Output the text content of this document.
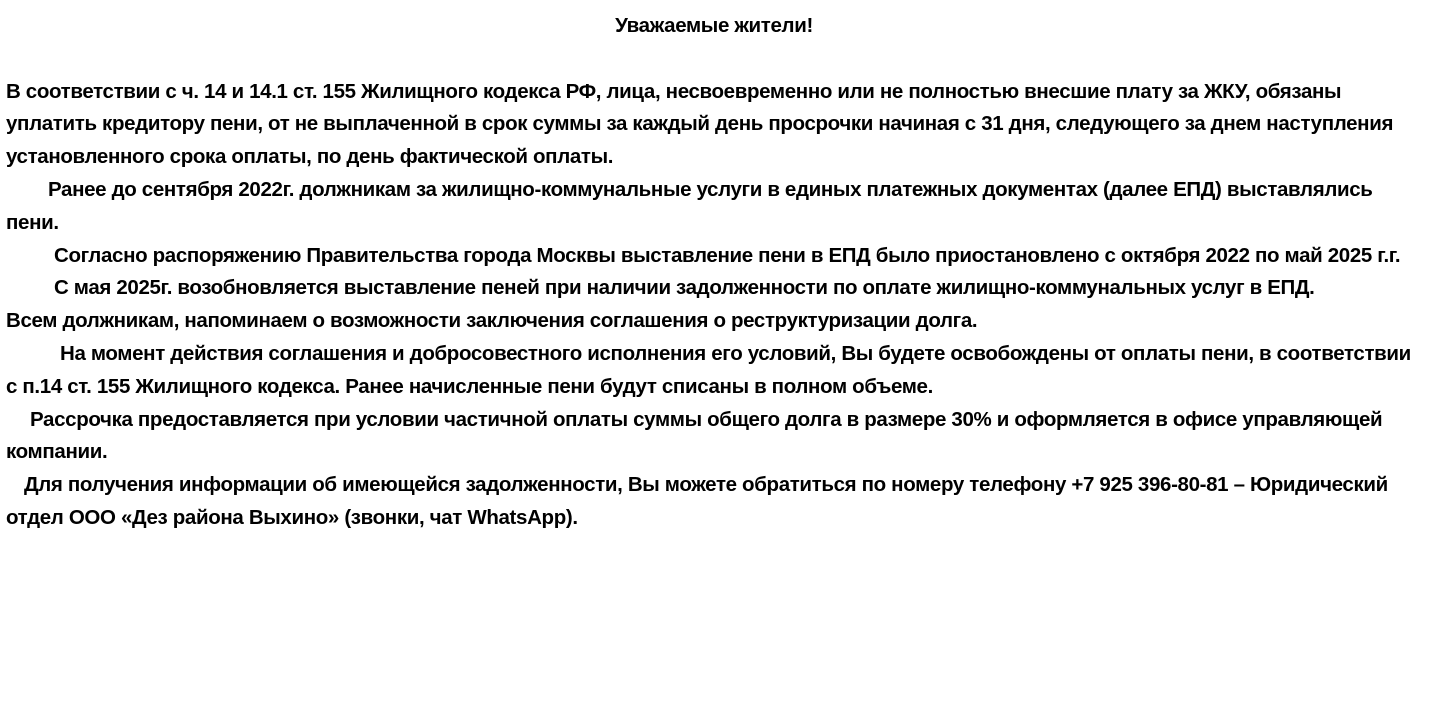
Уважаемые жители!

В соответствии с ч. 14 и 14.1 ст. 155 Жилищного кодекса РФ, лица, несвоевременно или не полностью внесшие плату за ЖКУ, обязаны уплатить кредитору пени, от не выплаченной в срок суммы за каждый день просрочки начиная с 31 дня, следующего за днем наступления установленного срока оплаты, по день фактической оплаты.

Ранее до сентября 2022г. должникам за жилищно-коммунальные услуги в единых платежных документах (далее ЕПД) выставлялись пени.

Согласно распоряжению Правительства города Москвы выставление пени в ЕПД было приостановлено с октября 2022 по май 2025 г.г.

С мая 2025г. возобновляется выставление пеней при наличии задолженности по оплате жилищно-коммунальных услуг в ЕПД.

Всем должникам, напоминаем о возможности заключения соглашения о реструктуризации долга.

На момент действия соглашения и добросовестного исполнения его условий, Вы будете освобождены от оплаты пени, в соответствии с п.14 ст. 155 Жилищного кодекса. Ранее начисленные пени будут списаны в полном объеме.

Рассрочка предоставляется при условии частичной оплаты суммы общего долга в размере 30% и оформляется в офисе управляющей компании.

Для получения информации об имеющейся задолженности, Вы можете обратиться по номеру телефону +7 925 396-80-81 – Юридический отдел ООО «Дез района Выхино» (звонки, чат WhatsApp).
